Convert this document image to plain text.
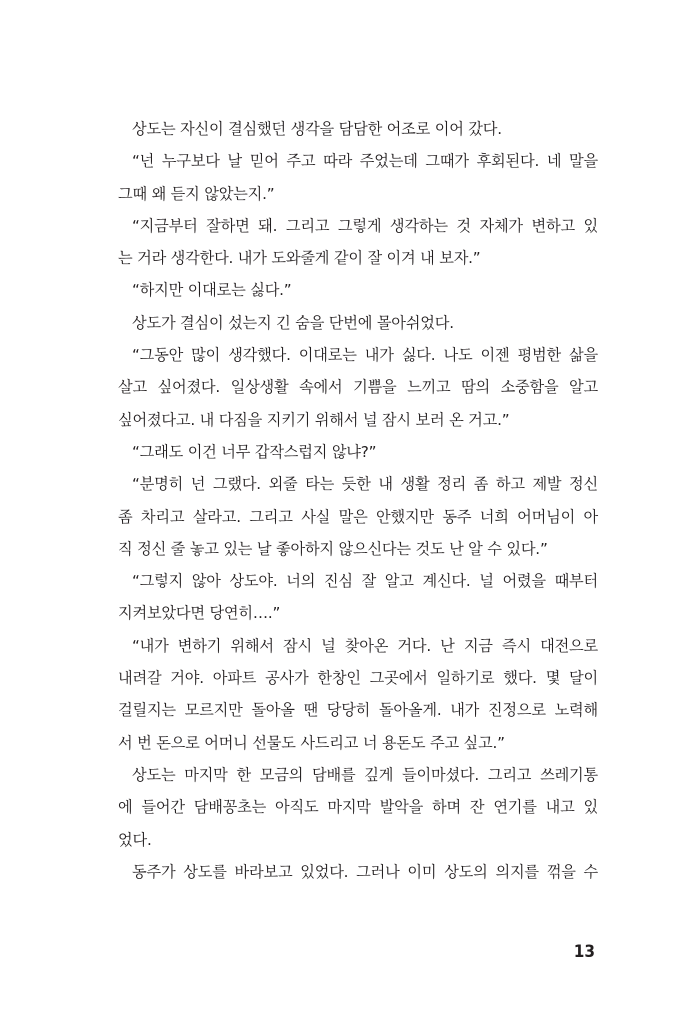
상도는 자신이 결심했던 생각을 담담한 어조로 이어 갔다.
“넌 누구보다 날 믿어 주고 따라 주었는데 그때가 후회된다. 네 말을
그때 왜 듣지 않았는지.”
“지금부터 잘하면 돼. 그리고 그렇게 생각하는 것 자체가 변하고 있
는 거라 생각한다. 내가 도와줄게 같이 잘 이겨 내 보자.”
“하지만 이대로는 싫다.”
상도가 결심이 섰는지 긴 숨을 단번에 몰아쉬었다.
“그동안 많이 생각했다. 이대로는 내가 싫다. 나도 이젠 평범한 삶을
살고 싶어졌다. 일상생활 속에서 기쁨을 느끼고 땀의 소중함을 알고
싶어졌다고. 내 다짐을 지키기 위해서 널 잠시 보러 온 거고.”
“그래도 이건 너무 갑작스럽지 않냐?”
“분명히 넌 그랬다. 외줄 타는 듯한 내 생활 정리 좀 하고 제발 정신
좀 차리고 살라고. 그리고 사실 말은 안했지만 동주 너희 어머님이 아
직 정신 줄 놓고 있는 날 좋아하지 않으신다는 것도 난 알 수 있다.”
“그렇지 않아 상도야. 너의 진심 잘 알고 계신다. 널 어렸을 때부터
지켜보았다면 당연히….”
“내가 변하기 위해서 잠시 널 찾아온 거다. 난 지금 즉시 대전으로
내려갈 거야. 아파트 공사가 한창인 그곳에서 일하기로 했다. 몇 달이
걸릴지는 모르지만 돌아올 땐 당당히 돌아올게. 내가 진정으로 노력해
서 번 돈으로 어머니 선물도 사드리고 너 용돈도 주고 싶고.”
상도는 마지막 한 모금의 담배를 깊게 들이마셨다. 그리고 쓰레기통
에 들어간 담배꽁초는 아직도 마지막 발악을 하며 잔 연기를 내고 있
었다.
동주가 상도를 바라보고 있었다. 그러나 이미 상도의 의지를 꺾을 수
13
